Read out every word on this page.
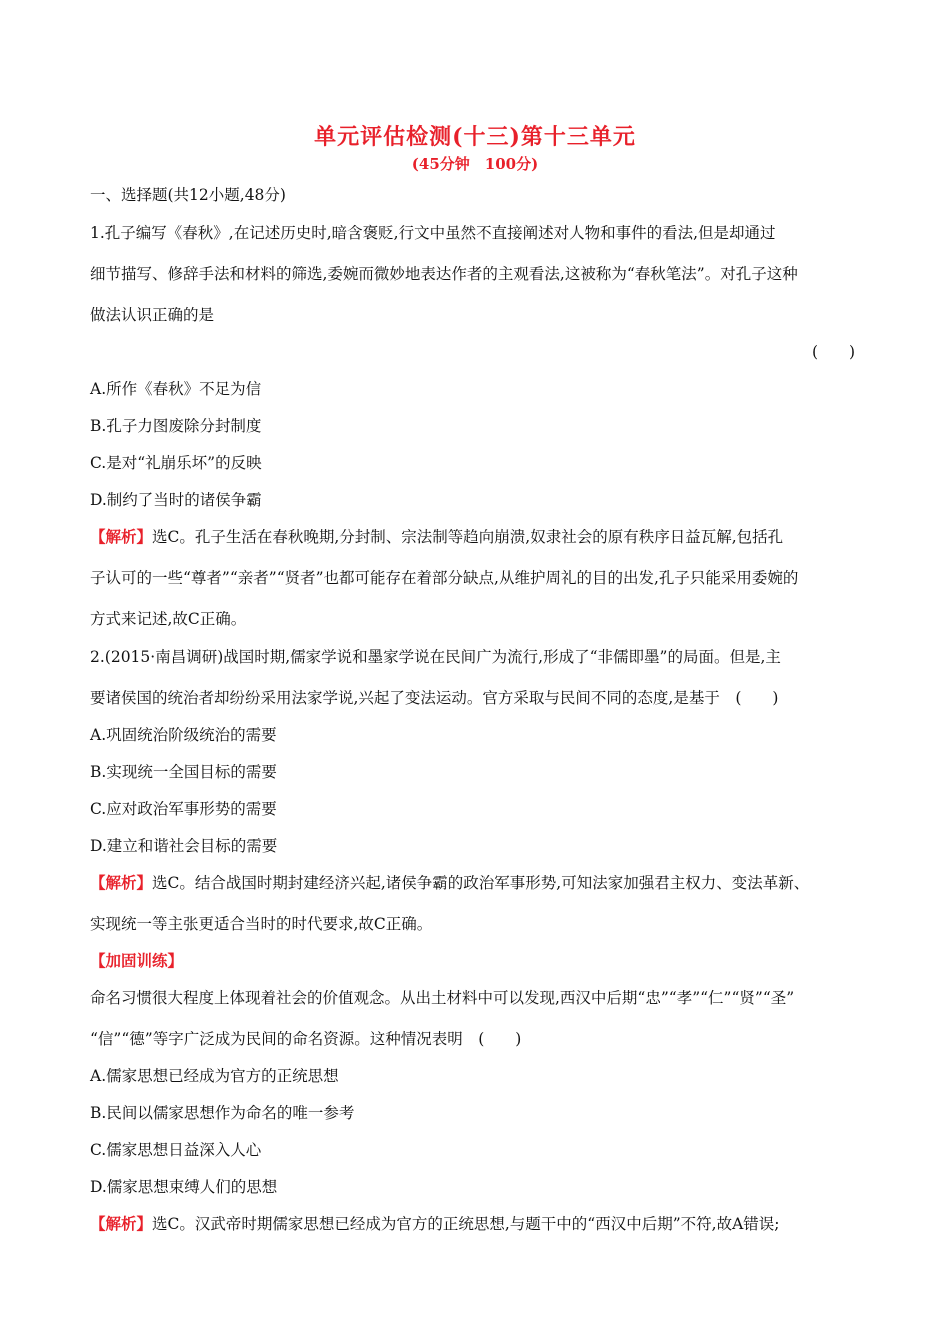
单元评估检测(十三)第十三单元
(45分钟　100分)
一、选择题(共12小题,48分)
1.孔子编写《春秋》,在记述历史时,暗含褒贬,行文中虽然不直接阐述对人物和事件的看法,但是却通过
细节描写、修辞手法和材料的筛选,委婉而微妙地表达作者的主观看法,这被称为“春秋笔法”。对孔子这种
做法认识正确的是
(　　)
A.所作《春秋》不足为信
B.孔子力图废除分封制度
C.是对“礼崩乐坏”的反映
D.制约了当时的诸侯争霸
【解析】选C。孔子生活在春秋晚期,分封制、宗法制等趋向崩溃,奴隶社会的原有秩序日益瓦解,包括孔
子认可的一些“尊者”“亲者”“贤者”也都可能存在着部分缺点,从维护周礼的目的出发,孔子只能采用委婉的
方式来记述,故C正确。
2.(2015·南昌调研)战国时期,儒家学说和墨家学说在民间广为流行,形成了“非儒即墨”的局面。但是,主
要诸侯国的统治者却纷纷采用法家学说,兴起了变法运动。官方采取与民间不同的态度,是基于　(　　)
A.巩固统治阶级统治的需要
B.实现统一全国目标的需要
C.应对政治军事形势的需要
D.建立和谐社会目标的需要
【解析】选C。结合战国时期封建经济兴起,诸侯争霸的政治军事形势,可知法家加强君主权力、变法革新、
实现统一等主张更适合当时的时代要求,故C正确。
【加固训练】
命名习惯很大程度上体现着社会的价值观念。从出土材料中可以发现,西汉中后期“忠”“孝”“仁”“贤”“圣”
“信”“德”等字广泛成为民间的命名资源。这种情况表明　(　　)
A.儒家思想已经成为官方的正统思想
B.民间以儒家思想作为命名的唯一参考
C.儒家思想日益深入人心
D.儒家思想束缚人们的思想
【解析】选C。汉武帝时期儒家思想已经成为官方的正统思想,与题干中的“西汉中后期”不符,故A错误;
